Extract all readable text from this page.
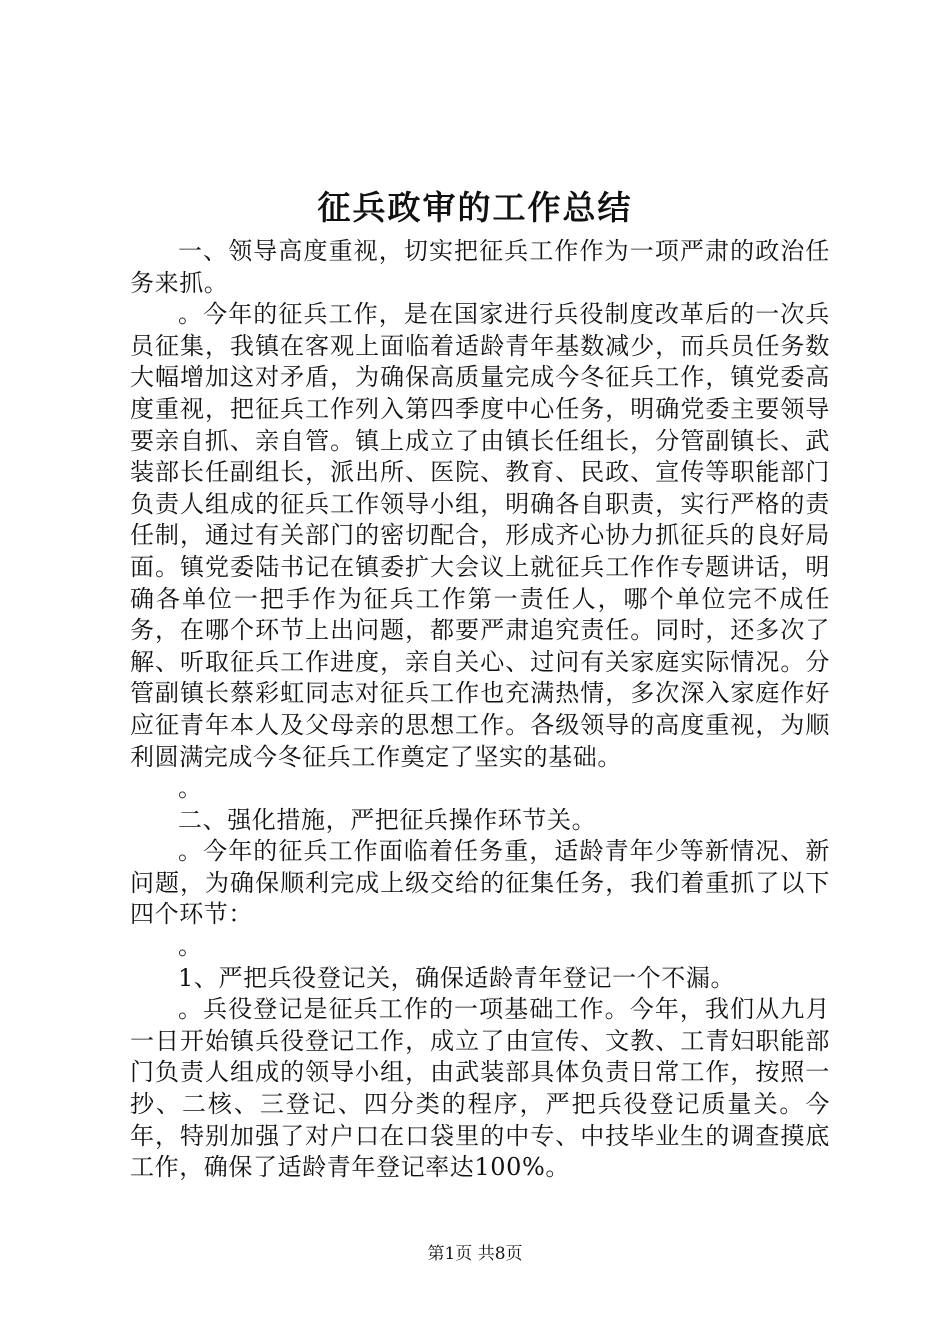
征兵政审的工作总结

一、领导高度重视，切实把征兵工作作为一项严肃的政治任务来抓。

。今年的征兵工作，是在国家进行兵役制度改革后的一次兵员征集，我镇在客观上面临着适龄青年基数减少，而兵员任务数大幅增加这对矛盾，为确保高质量完成今冬征兵工作，镇党委高度重视，把征兵工作列入第四季度中心任务，明确党委主要领导要亲自抓、亲自管。镇上成立了由镇长任组长，分管副镇长、武装部长任副组长，派出所、医院、教育、民政、宣传等职能部门负责人组成的征兵工作领导小组，明确各自职责，实行严格的责任制，通过有关部门的密切配合，形成齐心协力抓征兵的良好局面。镇党委陆书记在镇委扩大会议上就征兵工作作专题讲话，明确各单位一把手作为征兵工作第一责任人，哪个单位完不成任务，在哪个环节上出问题，都要严肃追究责任。同时，还多次了解、听取征兵工作进度，亲自关心、过问有关家庭实际情况。分管副镇长蔡彩虹同志对征兵工作也充满热情，多次深入家庭作好应征青年本人及父母亲的思想工作。各级领导的高度重视，为顺利圆满完成今冬征兵工作奠定了坚实的基础。

。

二、强化措施，严把征兵操作环节关。

。今年的征兵工作面临着任务重，适龄青年少等新情况、新问题，为确保顺利完成上级交给的征集任务，我们着重抓了以下四个环节：

。

1、严把兵役登记关，确保适龄青年登记一个不漏。

。兵役登记是征兵工作的一项基础工作。今年，我们从九月一日开始镇兵役登记工作，成立了由宣传、文教、工青妇职能部门负责人组成的领导小组，由武装部具体负责日常工作，按照一抄、二核、三登记、四分类的程序，严把兵役登记质量关。今年，特别加强了对户口在口袋里的中专、中技毕业生的调查摸底工作，确保了适龄青年登记率达100%。

第1页 共8页
